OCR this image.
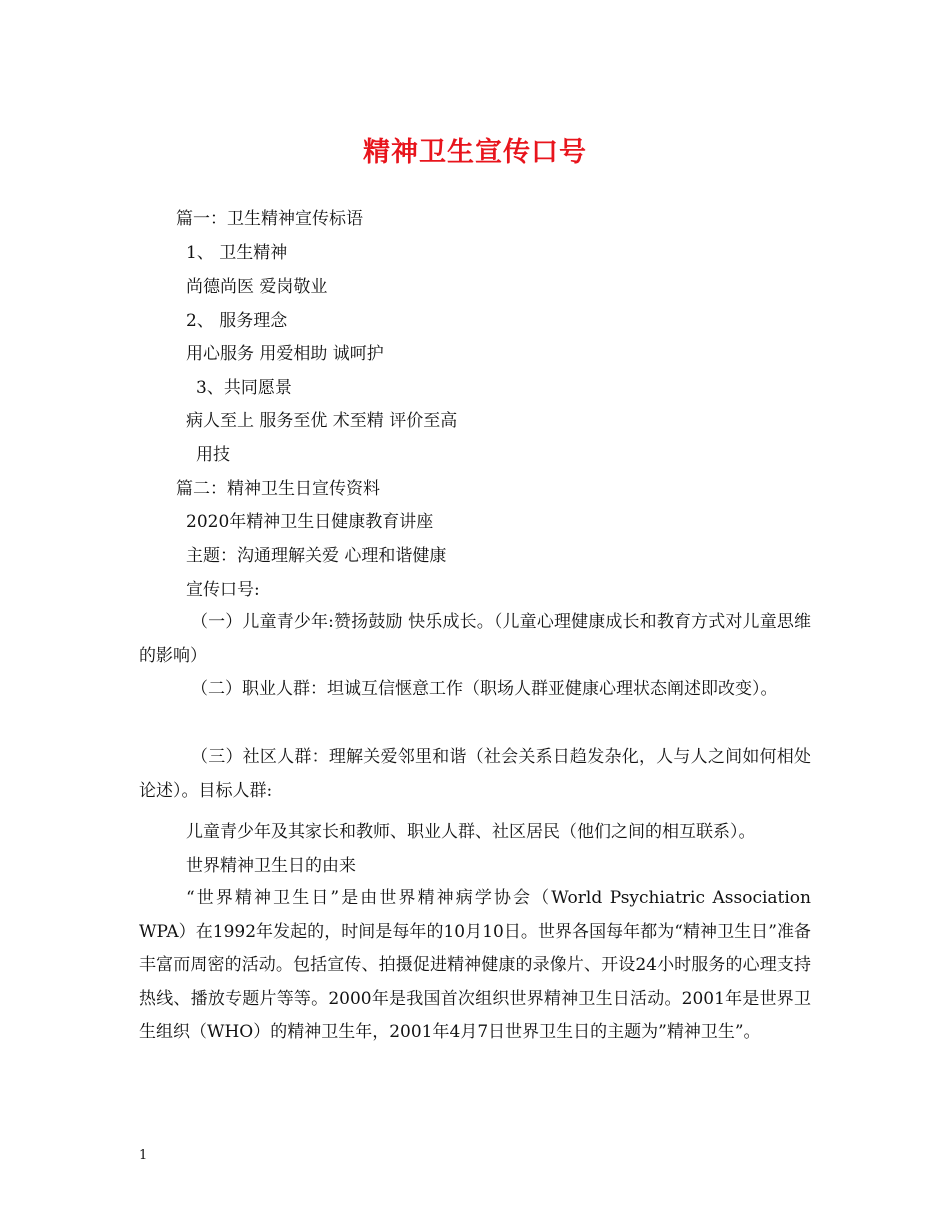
精神卫生宣传口号

篇一：卫生精神宣传标语

1、 卫生精神

尚德尚医 爱岗敬业

2、 服务理念

用心服务 用爱相助 诚呵护

3、共同愿景

病人至上 服务至优 术至精 评价至高

用技

篇二：精神卫生日宣传资料

2020年精神卫生日健康教育讲座

主题：沟通理解关爱 心理和谐健康

宣传口号:

（一）儿童青少年:赞扬鼓励 快乐成长。（儿童心理健康成长和教育方式对儿童思维的影响）

（二）职业人群：坦诚互信惬意工作（职场人群亚健康心理状态阐述即改变）。

（三）社区人群：理解关爱邻里和谐（社会关系日趋发杂化，人与人之间如何相处论述）。目标人群:

儿童青少年及其家长和教师、职业人群、社区居民（他们之间的相互联系）。

世界精神卫生日的由来

“世界精神卫生日”是由世界精神病学协会（World Psychiatric Association WPA）在1992年发起的，时间是每年的10月10日。世界各国每年都为“精神卫生日”准备丰富而周密的活动。包括宣传、拍摄促进精神健康的录像片、开设24小时服务的心理支持热线、播放专题片等等。2000年是我国首次组织世界精神卫生日活动。2001年是世界卫生组织（WHO）的精神卫生年，2001年4月7日世界卫生日的主题为”精神卫生”。

1
